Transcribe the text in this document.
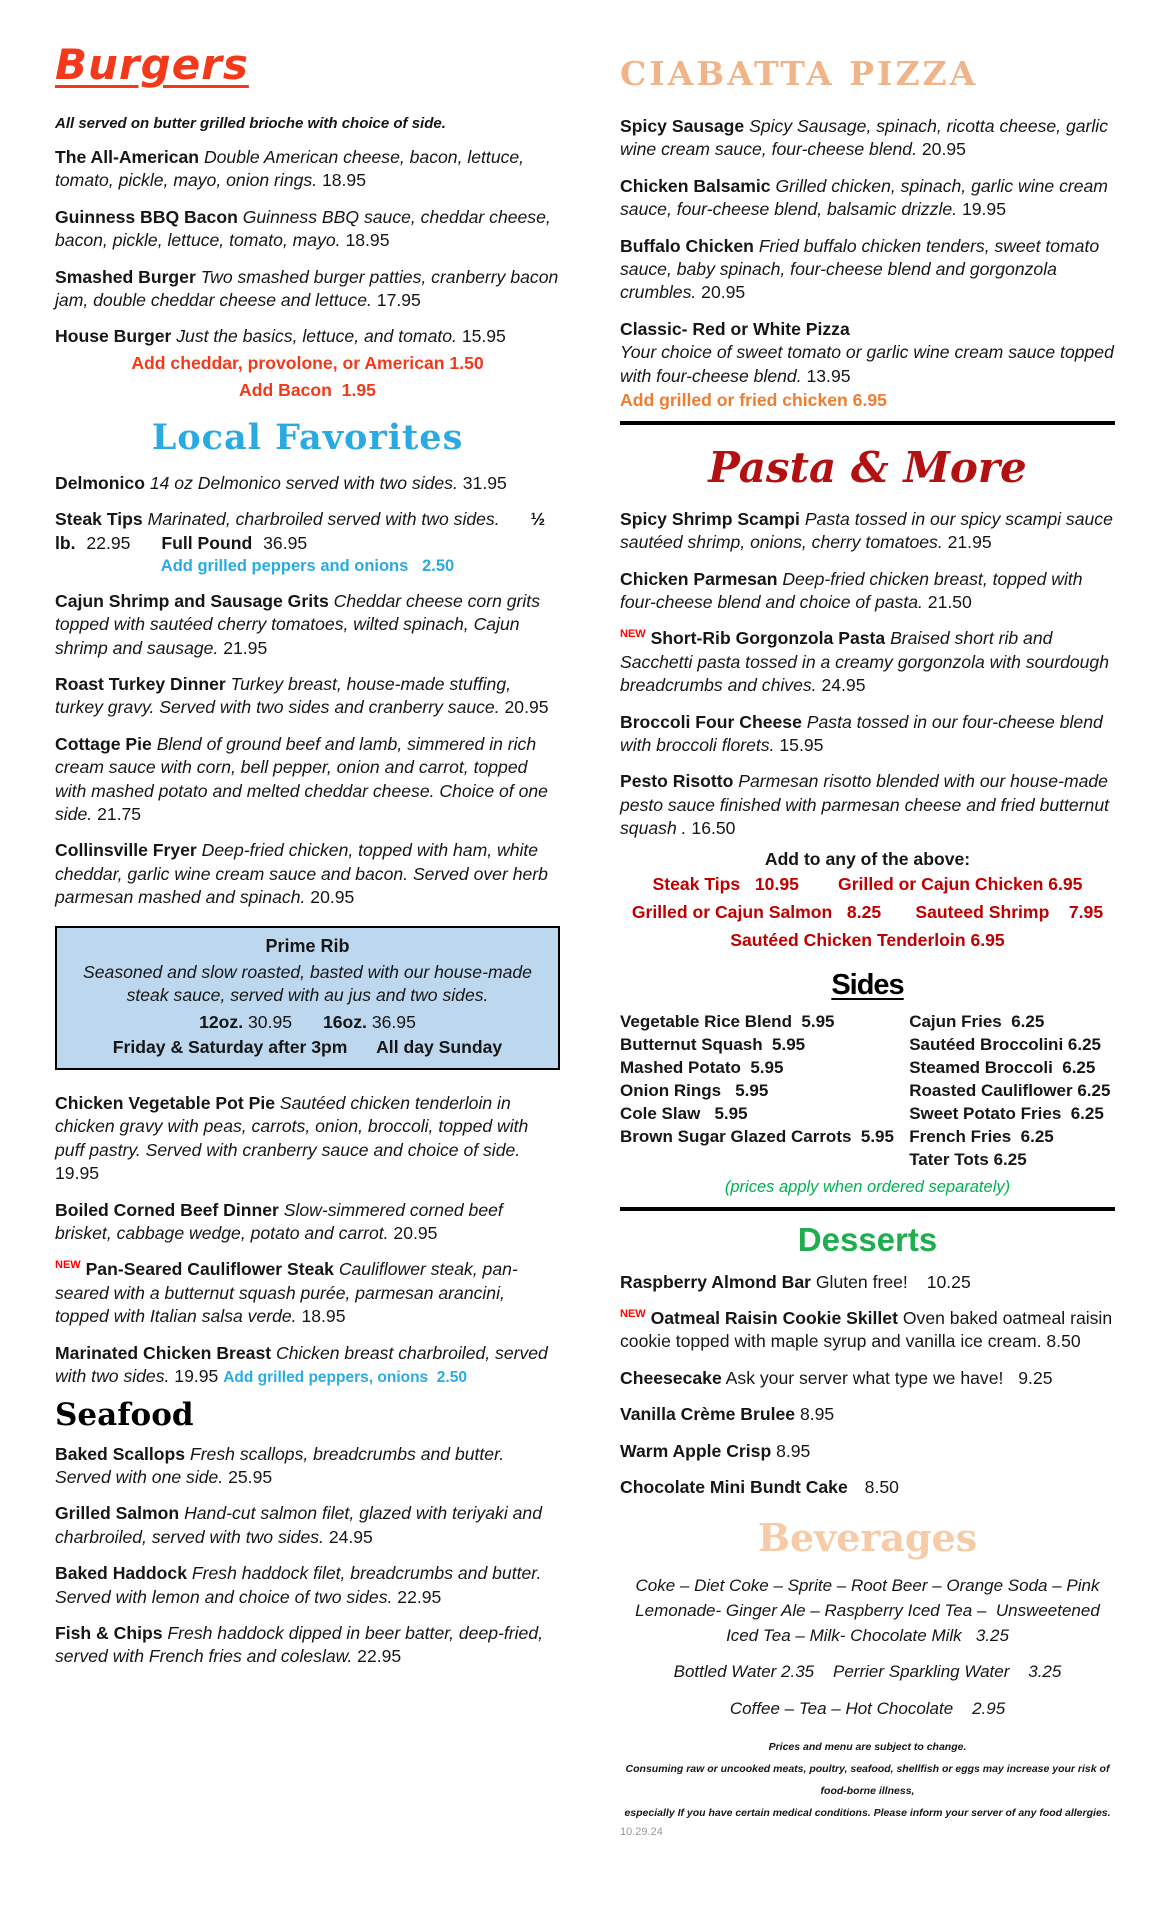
Burgers

All served on butter grilled brioche with choice of side.

The All-American Double American cheese, bacon, lettuce, tomato, pickle, mayo, onion rings. 18.95

Guinness BBQ Bacon Guinness BBQ sauce, cheddar cheese, bacon, pickle, lettuce, tomato, mayo. 18.95

Smashed Burger Two smashed burger patties, cranberry bacon jam, double cheddar cheese and lettuce. 17.95

House Burger Just the basics, lettuce, and tomato. 15.95

Add cheddar, provolone, or American 1.50

Add Bacon  1.95

Local Favorites

Delmonico 14 oz Delmonico served with two sides. 31.95

Steak Tips Marinated, charbroiled served with two sides. ½ lb. 22.95 Full Pound 36.95

Add grilled peppers and onions   2.50

Cajun Shrimp and Sausage Grits Cheddar cheese corn grits topped with sautéed cherry tomatoes, wilted spinach, Cajun shrimp and sausage. 21.95

Roast Turkey Dinner Turkey breast, house-made stuffing, turkey gravy. Served with two sides and cranberry sauce. 20.95

Cottage Pie Blend of ground beef and lamb, simmered in rich cream sauce with corn, bell pepper, onion and carrot, topped with mashed potato and melted cheddar cheese. Choice of one side. 21.75

Collinsville Fryer Deep-fried chicken, topped with ham, white cheddar, garlic wine cream sauce and bacon. Served over herb parmesan mashed and spinach. 20.95

Prime Rib

Seasoned and slow roasted, basted with our house-made steak sauce, served with au jus and two sides.

12oz. 30.95 16oz. 36.95

Friday & Saturday after 3pm      All day Sunday

Chicken Vegetable Pot Pie Sautéed chicken tenderloin in chicken gravy with peas, carrots, onion, broccoli, topped with puff pastry. Served with cranberry sauce and choice of side. 19.95

Boiled Corned Beef Dinner Slow-simmered corned beef brisket, cabbage wedge, potato and carrot. 20.95

$^{NEW}$ Pan-Seared Cauliflower Steak Cauliflower steak, pan-seared with a butternut squash purée, parmesan arancini, topped with Italian salsa verde. 18.95

Marinated Chicken Breast Chicken breast charbroiled, served with two sides. 19.95 Add grilled peppers, onions  2.50

Seafood

Baked Scallops Fresh scallops, breadcrumbs and butter. Served with one side. 25.95

Grilled Salmon Hand-cut salmon filet, glazed with teriyaki and charbroiled, served with two sides. 24.95

Baked Haddock Fresh haddock filet, breadcrumbs and butter. Served with lemon and choice of two sides. 22.95

Fish & Chips Fresh haddock dipped in beer batter, deep-fried, served with French fries and coleslaw. 22.95

CIABATTA PIZZA

Spicy Sausage Spicy Sausage, spinach, ricotta cheese, garlic wine cream sauce, four-cheese blend. 20.95

Chicken Balsamic Grilled chicken, spinach, garlic wine cream sauce, four-cheese blend, balsamic drizzle. 19.95

Buffalo Chicken Fried buffalo chicken tenders, sweet tomato sauce, baby spinach, four-cheese blend and gorgonzola crumbles. 20.95

Classic- Red or White Pizza
Your choice of sweet tomato or garlic wine cream sauce topped with four-cheese blend. 13.95

Add grilled or fried chicken 6.95

Pasta & More

Spicy Shrimp Scampi Pasta tossed in our spicy scampi sauce sautéed shrimp, onions, cherry tomatoes. 21.95

Chicken Parmesan Deep-fried chicken breast, topped with four-cheese blend and choice of pasta. 21.50

$^{NEW}$ Short-Rib Gorgonzola Pasta Braised short rib and Sacchetti pasta tossed in a creamy gorgonzola with sourdough breadcrumbs and chives. 24.95

Broccoli Four Cheese Pasta tossed in our four-cheese blend with broccoli florets. 15.95

Pesto Risotto Parmesan risotto blended with our house-made pesto sauce finished with parmesan cheese and fried butternut squash . 16.50

Add to any of the above:

Steak Tips   10.95        Grilled or Cajun Chicken 6.95

Grilled or Cajun Salmon   8.25       Sauteed Shrimp    7.95

Sautéed Chicken Tenderloin 6.95

Sides
Vegetable Rice Blend  5.95	Cajun Fries  6.25
Butternut Squash  5.95	Sautéed Broccolini 6.25
Mashed Potato  5.95	Steamed Broccoli  6.25
Onion Rings   5.95	Roasted Cauliflower 6.25
Cole Slaw   5.95	Sweet Potato Fries  6.25
Brown Sugar Glazed Carrots  5.95 French Fries  6.25
Tater Tots 6.25

(prices apply when ordered separately)

Desserts

Raspberry Almond Bar Gluten free! 10.25

$^{NEW}$ Oatmeal Raisin Cookie Skillet Oven baked oatmeal raisin cookie topped with maple syrup and vanilla ice cream. 8.50

Cheesecake Ask your server what type we have! 9.25

Vanilla Crème Brulee 8.95

Warm Apple Crisp 8.95

Chocolate Mini Bundt Cake 8.50

Beverages

Coke – Diet Coke – Sprite – Root Beer – Orange Soda – Pink Lemonade- Ginger Ale – Raspberry Iced Tea –  Unsweetened Iced Tea – Milk- Chocolate Milk   3.25

Bottled Water 2.35    Perrier Sparkling Water    3.25

Coffee – Tea – Hot Chocolate    2.95

Prices and menu are subject to change.
Consuming raw or uncooked meats, poultry, seafood, shellfish or eggs may increase your risk of food-borne illness,
especially If you have certain medical conditions. Please inform your server of any food allergies.

10.29.24
